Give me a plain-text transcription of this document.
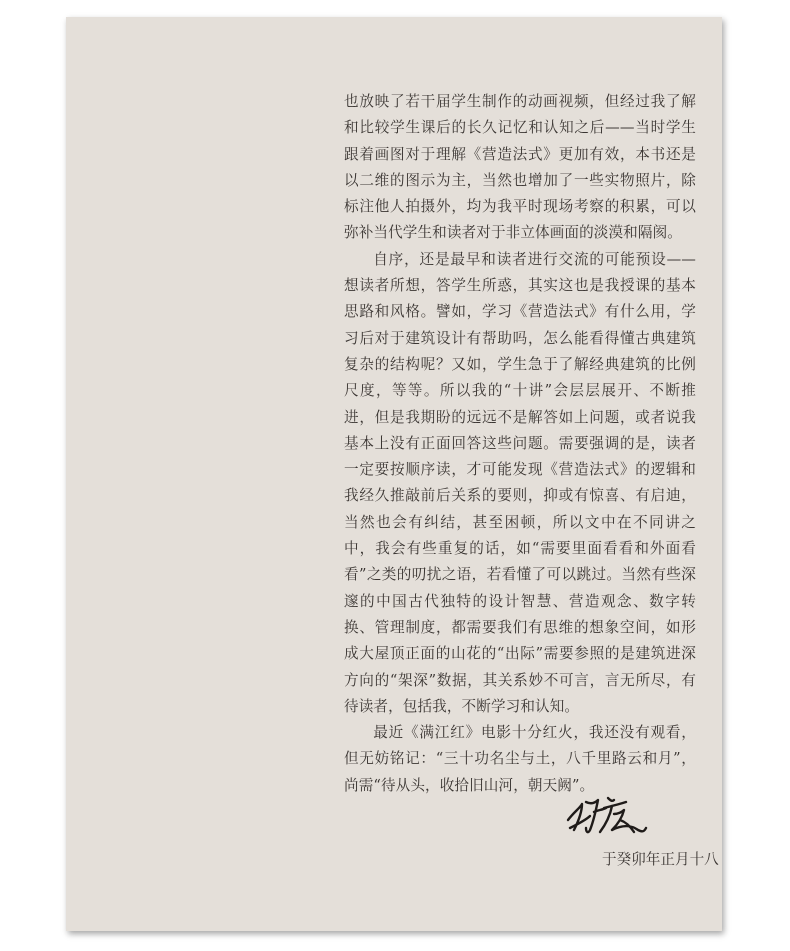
也放映了若干届学生制作的动画视频，但经过我了解和比较学生课后的长久记忆和认知之后——当时学生跟着画图对于理解《营造法式》更加有效，本书还是以二维的图示为主，当然也增加了一些实物照片，除标注他人拍摄外，均为我平时现场考察的积累，可以弥补当代学生和读者对于非立体画面的淡漠和隔阂。

自序，还是最早和读者进行交流的可能预设——想读者所想，答学生所惑，其实这也是我授课的基本思路和风格。譬如，学习《营造法式》有什么用，学习后对于建筑设计有帮助吗，怎么能看得懂古典建筑复杂的结构呢？又如，学生急于了解经典建筑的比例尺度，等等。所以我的“十讲”会层层展开、不断推进，但是我期盼的远远不是解答如上问题，或者说我基本上没有正面回答这些问题。需要强调的是，读者一定要按顺序读，才可能发现《营造法式》的逻辑和我经久推敲前后关系的要则，抑或有惊喜、有启迪，当然也会有纠结，甚至困顿，所以文中在不同讲之中，我会有些重复的话，如“需要里面看看和外面看看”之类的叨扰之语，若看懂了可以跳过。当然有些深邃的中国古代独特的设计智慧、营造观念、数字转换、管理制度，都需要我们有思维的想象空间，如形成大屋顶正面的山花的“出际”需要参照的是建筑进深方向的“架深”数据，其关系妙不可言，言无所尽，有待读者，包括我，不断学习和认知。

最近《满江红》电影十分红火，我还没有观看，但无妨铭记：“三十功名尘与土，八千里路云和月”，尚需“待从头，收拾旧山河，朝天阙”。

于癸卯年正月十八
